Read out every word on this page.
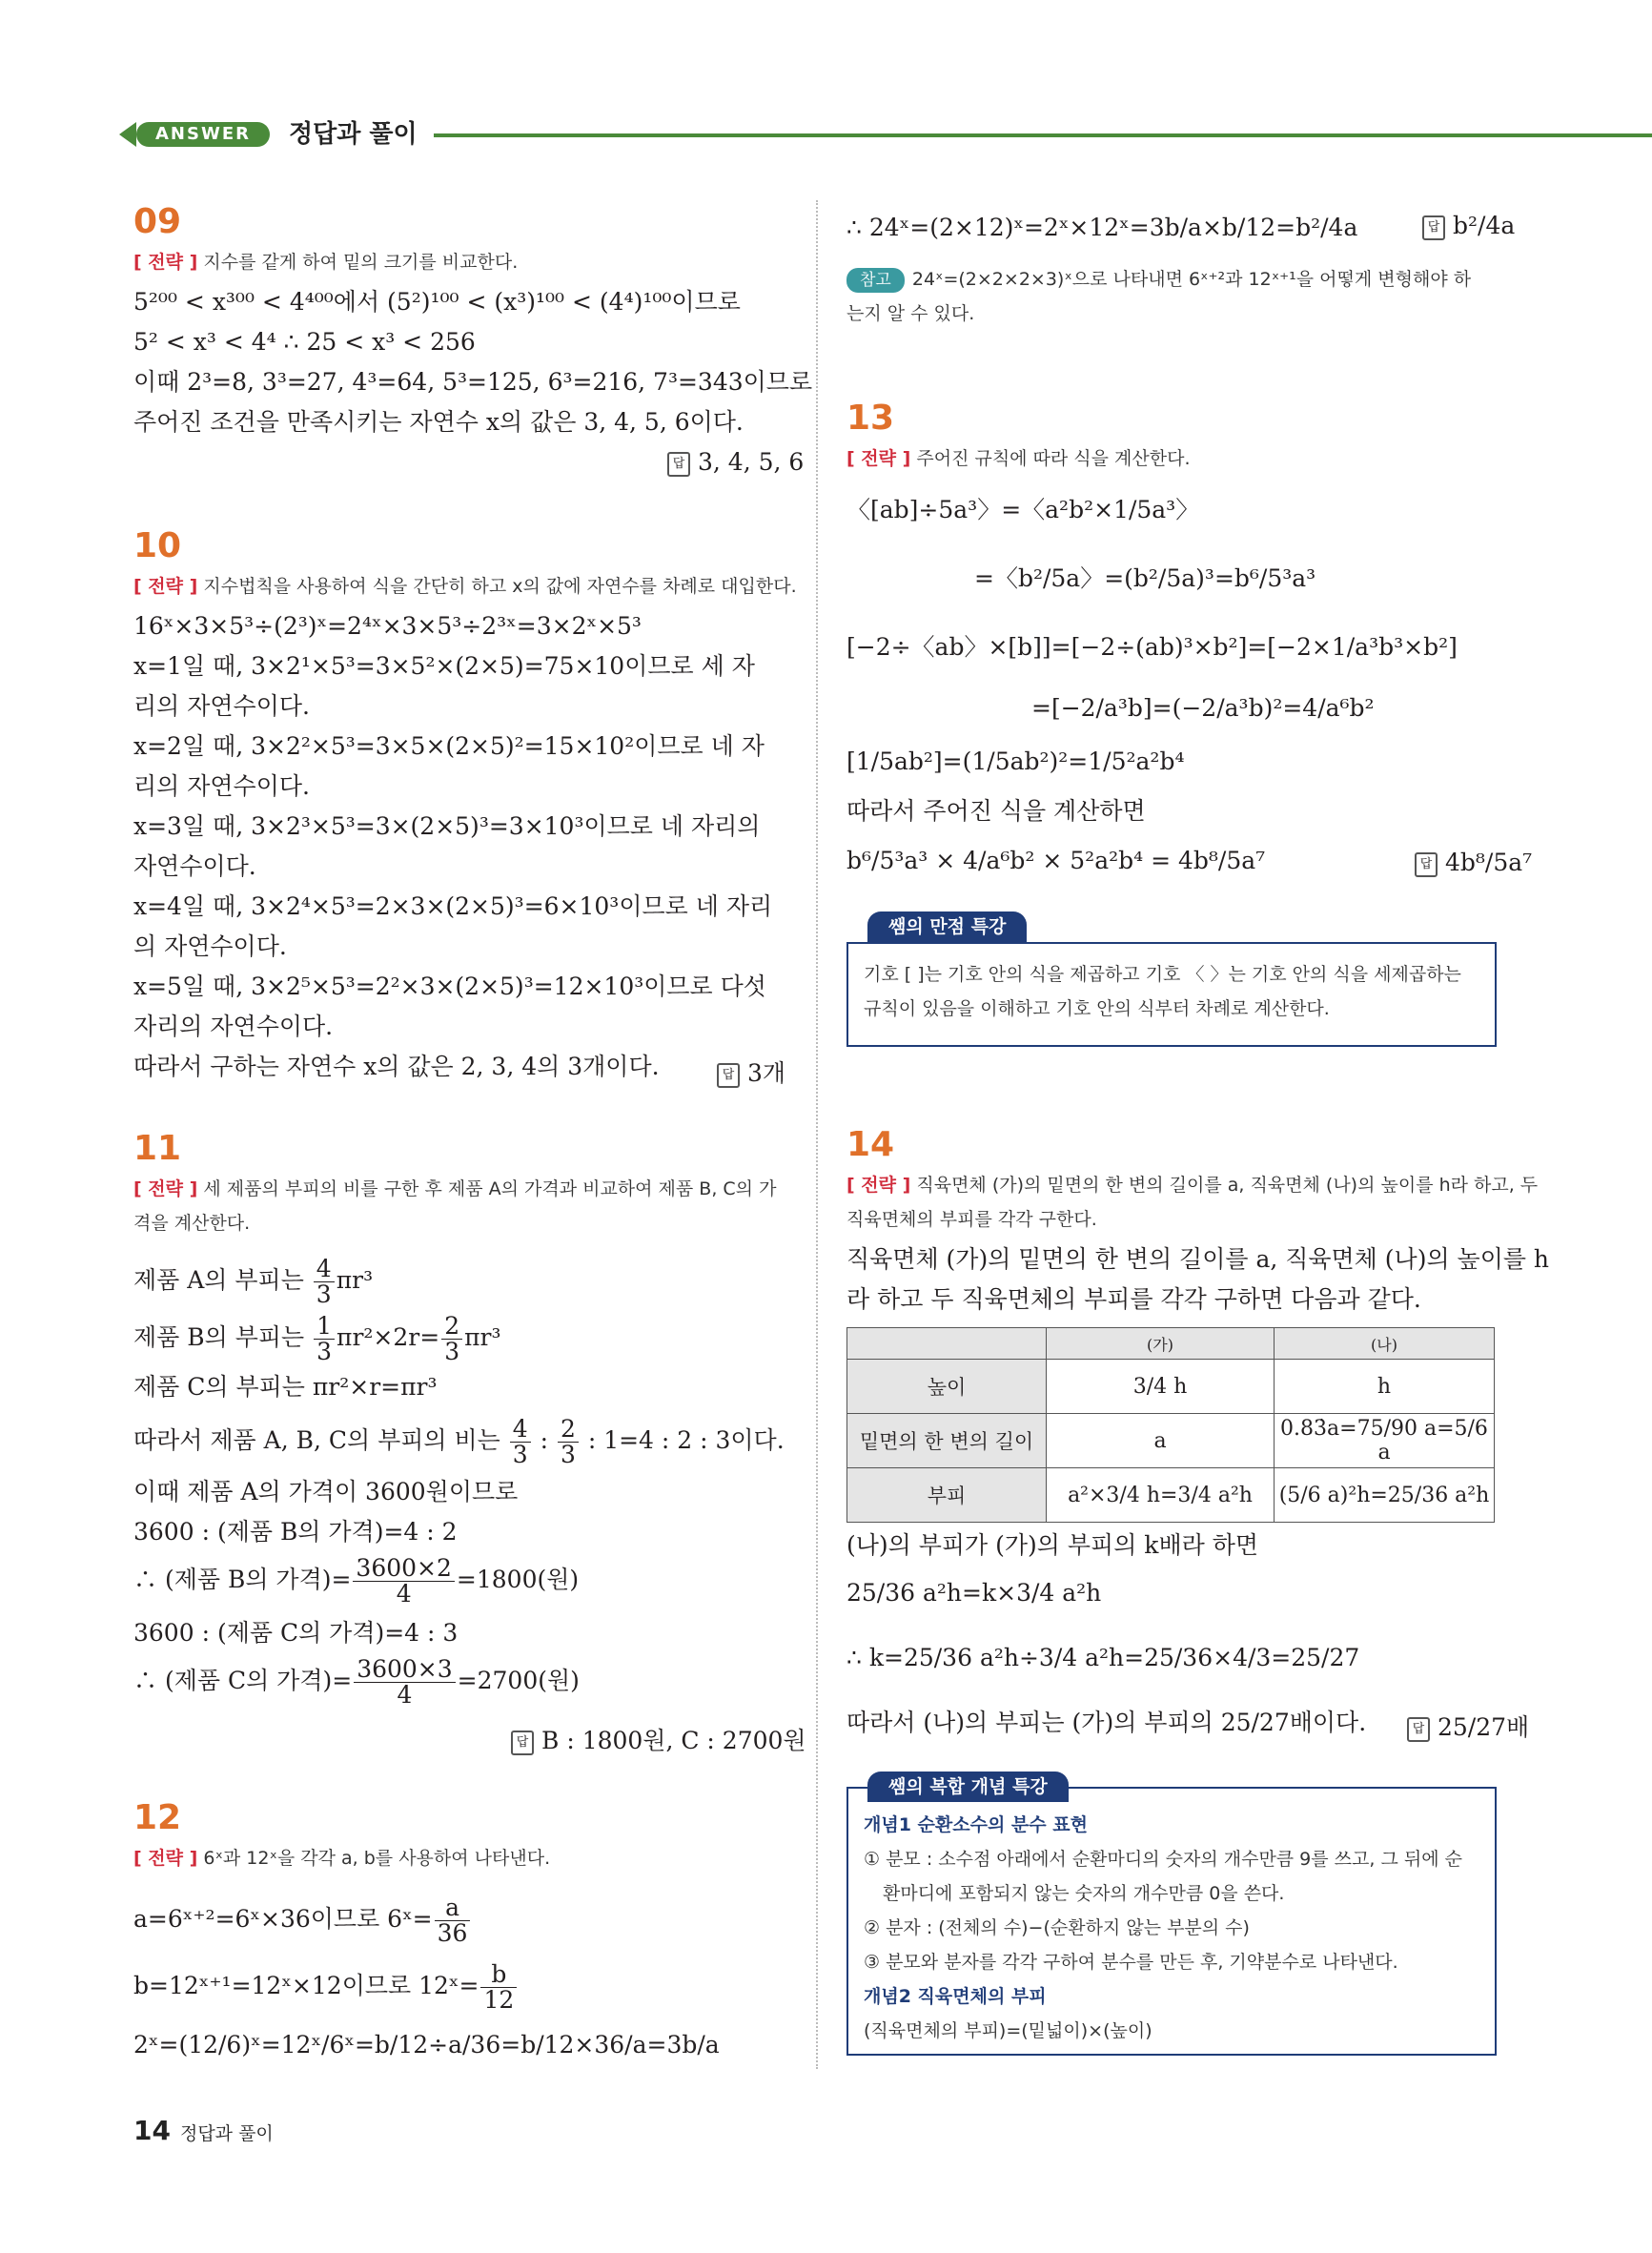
ANSWER	정답과 풀이
09
[ 전략 ] 지수를 같게 하여 밑의 크기를 비교한다.
5²⁰⁰ < x³⁰⁰ < 4⁴⁰⁰에서 (5²)¹⁰⁰ < (x³)¹⁰⁰ < (4⁴)¹⁰⁰이므로
5² < x³ < 4⁴ ∴ 25 < x³ < 256
이때 2³=8, 3³=27, 4³=64, 5³=125, 6³=216, 7³=343이므로
주어진 조건을 만족시키는 자연수 x의 값은 3, 4, 5, 6이다.
답 3, 4, 5, 6
10
[ 전략 ] 지수법칙을 사용하여 식을 간단히 하고 x의 값에 자연수를 차례로 대입한다.
16ˣ×3×5³÷(2³)ˣ=2⁴ˣ×3×5³÷2³ˣ=3×2ˣ×5³
x=1일 때, 3×2¹×5³=3×5²×(2×5)=75×10이므로 세 자
리의 자연수이다.
x=2일 때, 3×2²×5³=3×5×(2×5)²=15×10²이므로 네 자
리의 자연수이다.
x=3일 때, 3×2³×5³=3×(2×5)³=3×10³이므로 네 자리의
자연수이다.
x=4일 때, 3×2⁴×5³=2×3×(2×5)³=6×10³이므로 네 자리
의 자연수이다.
x=5일 때, 3×2⁵×5³=2²×3×(2×5)³=12×10³이므로 다섯
자리의 자연수이다.
따라서 구하는 자연수 x의 값은 2, 3, 4의 3개이다.	답 3개
11
[ 전략 ] 세 제품의 부피의 비를 구한 후 제품 A의 가격과 비교하여 제품 B, C의 가
격을 계산한다.
제품 A의 부피는 $\frac{4}{3} \pi r^3$
제품 B의 부피는 $\frac{1}{3} \pi r^2\times 2r= \frac{2}{3} \pi r^3$
제품 C의 부피는 πr²×r=πr³
따라서 제품 A, B, C의 부피의 비는 $\frac{4}{3}$ : $\frac{2}{3}$ : 1=4 : 2 : 3이다.
이때 제품 A의 가격이 3600원이므로
3600 : (제품 B의 가격)=4 : 2
∴ (제품 B의 가격)= $\frac{3600\times 2}{4} =1800$(원)
3600 : (제품 C의 가격)=4 : 3
∴ (제품 C의 가격)= $\frac{3600\times 3}{4} =2700$(원)
답 B : 1800원, C : 2700원
12
[ 전략 ] 6ˣ과 12ˣ을 각각 a, b를 사용하여 나타낸다.
a=6ˣ⁺²=6ˣ×36이므로 6ˣ= $\frac{a}{36}$
b=12ˣ⁺¹=12ˣ×12이므로 12ˣ= $\frac{b}{12}$
2ˣ=(12/6)ˣ=12ˣ/6ˣ=b/12÷a/36=b/12×36/a=3b/a
∴ 24ˣ=(2×12)ˣ=2ˣ×12ˣ=3b/a×b/12=b²/4a	답 b²/4a
참고 24ˣ=(2×2×2×3)ˣ으로 나타내면 6ˣ⁺²과 12ˣ⁺¹을 어떻게 변형해야 하
는지 알 수 있다.
13
[ 전략 ] 주어진 규칙에 따라 식을 계산한다.
〈[ab]÷5a³〉=〈a²b²×1/5a³〉
=〈b²/5a〉=(b²/5a)³=b⁶/5³a³
[−2÷〈ab〉×[b]]=[−2÷(ab)³×b²]=[−2×1/a³b³×b²]
=[−2/a³b]=(−2/a³b)²=4/a⁶b²
[1/5ab²]=(1/5ab²)²=1/5²a²b⁴
따라서 주어진 식을 계산하면
b⁶/5³a³ × 4/a⁶b² × 5²a²b⁴ = 4b⁸/5a⁷	답 4b⁸/5a⁷
쌤의 만점 특강
기호 [ ]는 기호 안의 식을 제곱하고 기호 〈 〉는 기호 안의 식을 세제곱하는
규칙이 있음을 이해하고 기호 안의 식부터 차례로 계산한다.
14
[ 전략 ] 직육면체 (가)의 밑면의 한 변의 길이를 a, 직육면체 (나)의 높이를 h라 하고, 두
직육면체의 부피를 각각 구한다.
직육면체 (가)의 밑면의 한 변의 길이를 a, 직육면체 (나)의 높이를 h
라 하고 두 직육면체의 부피를 각각 구하면 다음과 같다.
	(가)	(나)
높이	3/4 h	h
밑면의 한 변의 길이	a	0.83̇a=75/90 a=5/6 a
부피	a²×3/4 h=3/4 a²h	(5/6 a)²h=25/36 a²h
(나)의 부피가 (가)의 부피의 k배라 하면
25/36 a²h=k×3/4 a²h
∴ k=25/36 a²h÷3/4 a²h=25/36×4/3=25/27
따라서 (나)의 부피는 (가)의 부피의 25/27배이다.	답 25/27배
쌤의 복합 개념 특강
개념1 순환소수의 분수 표현
① 분모 : 소수점 아래에서 순환마디의 숫자의 개수만큼 9를 쓰고, 그 뒤에 순
환마디에 포함되지 않는 숫자의 개수만큼 0을 쓴다.
② 분자 : (전체의 수)−(순환하지 않는 부분의 수)
③ 분모와 분자를 각각 구하여 분수를 만든 후, 기약분수로 나타낸다.
개념2 직육면체의 부피
(직육면체의 부피)=(밑넓이)×(높이)
14 정답과 풀이
